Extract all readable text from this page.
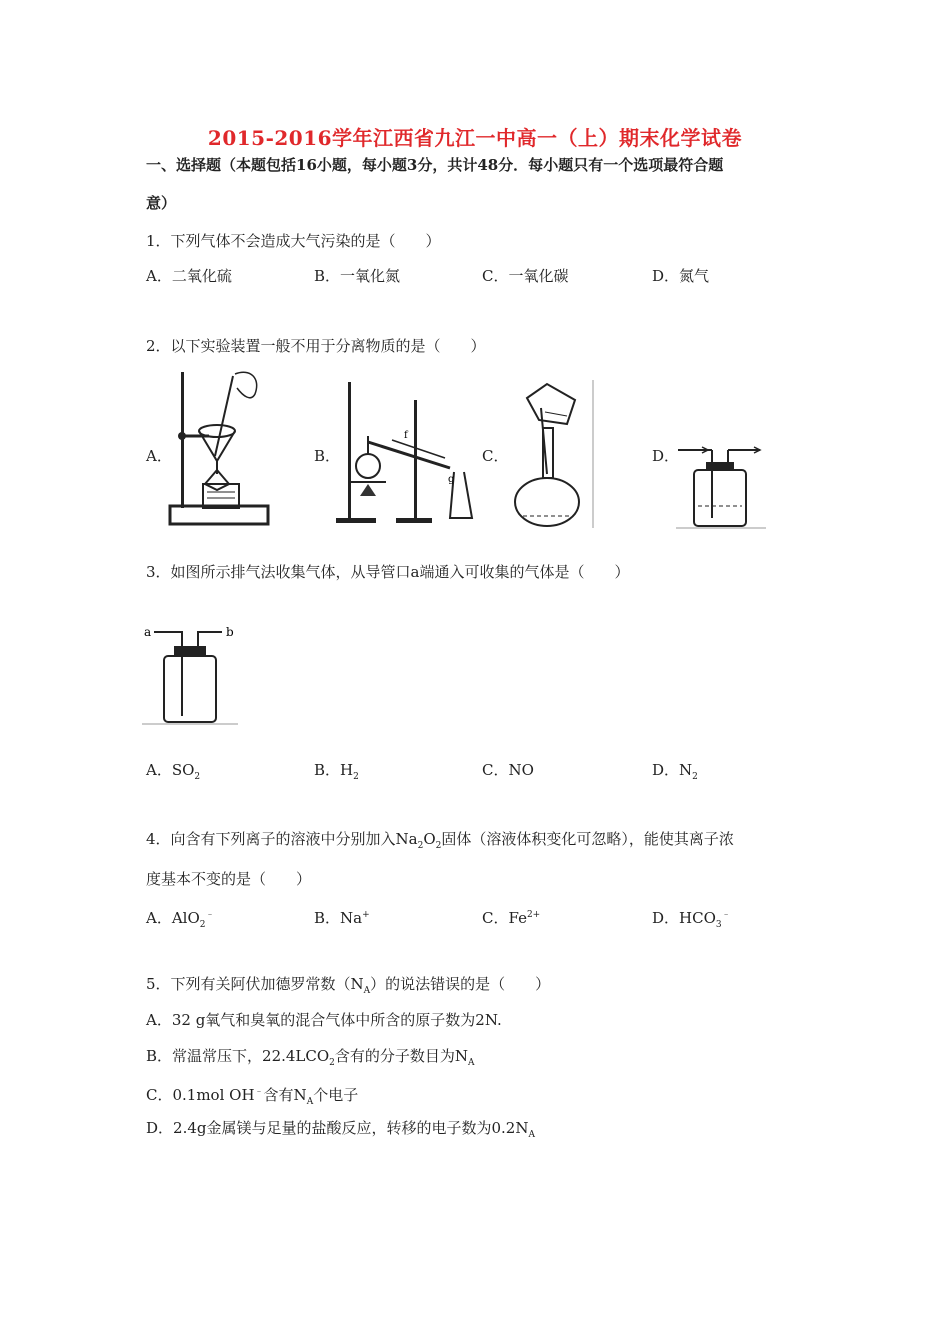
2015-2016学年江西省九江一中高一（上）期末化学试卷
一、选择题（本题包括16小题，每小题3分，共计48分．每小题只有一个选项最符合题
意）
1．下列气体不会造成大气污染的是（　　）
A．二氧化硫	B．一氧化氮	C．一氧化碳	D．氮气
2．以下实验装置一般不用于分离物质的是（　　）
A．	B．
f
g
C．	D．
3．如图所示排气法收集气体，从导管口a端通入可收集的气体是（　　）
a	b
A．$SO_2$	B．$H_2$	C．NO	D．$N_2$
4．向含有下列离子的溶液中分别加入$Na_2O_2$固体（溶液体积变化可忽略），能使其离子浓
度基本不变的是（　　）
A．AlO$_2$﹣	B．Na+	C．$Fe^{2+}$	D．$HCO_3^﹣$
5．下列有关阿伏加德罗常数$(N_A)$的说法错误的是（　　）
A．32 g氧气和臭氧的混合气体中所含的原子数为2N.
B．常温常压下，$22.4LCO_2$含有的分子数目为$N_A$
C．0.1mol OH﹣含有$N_A$个电子
D．2.4g金属镁与足量的盐酸反应，转移的电子数为$0.2N_A$
